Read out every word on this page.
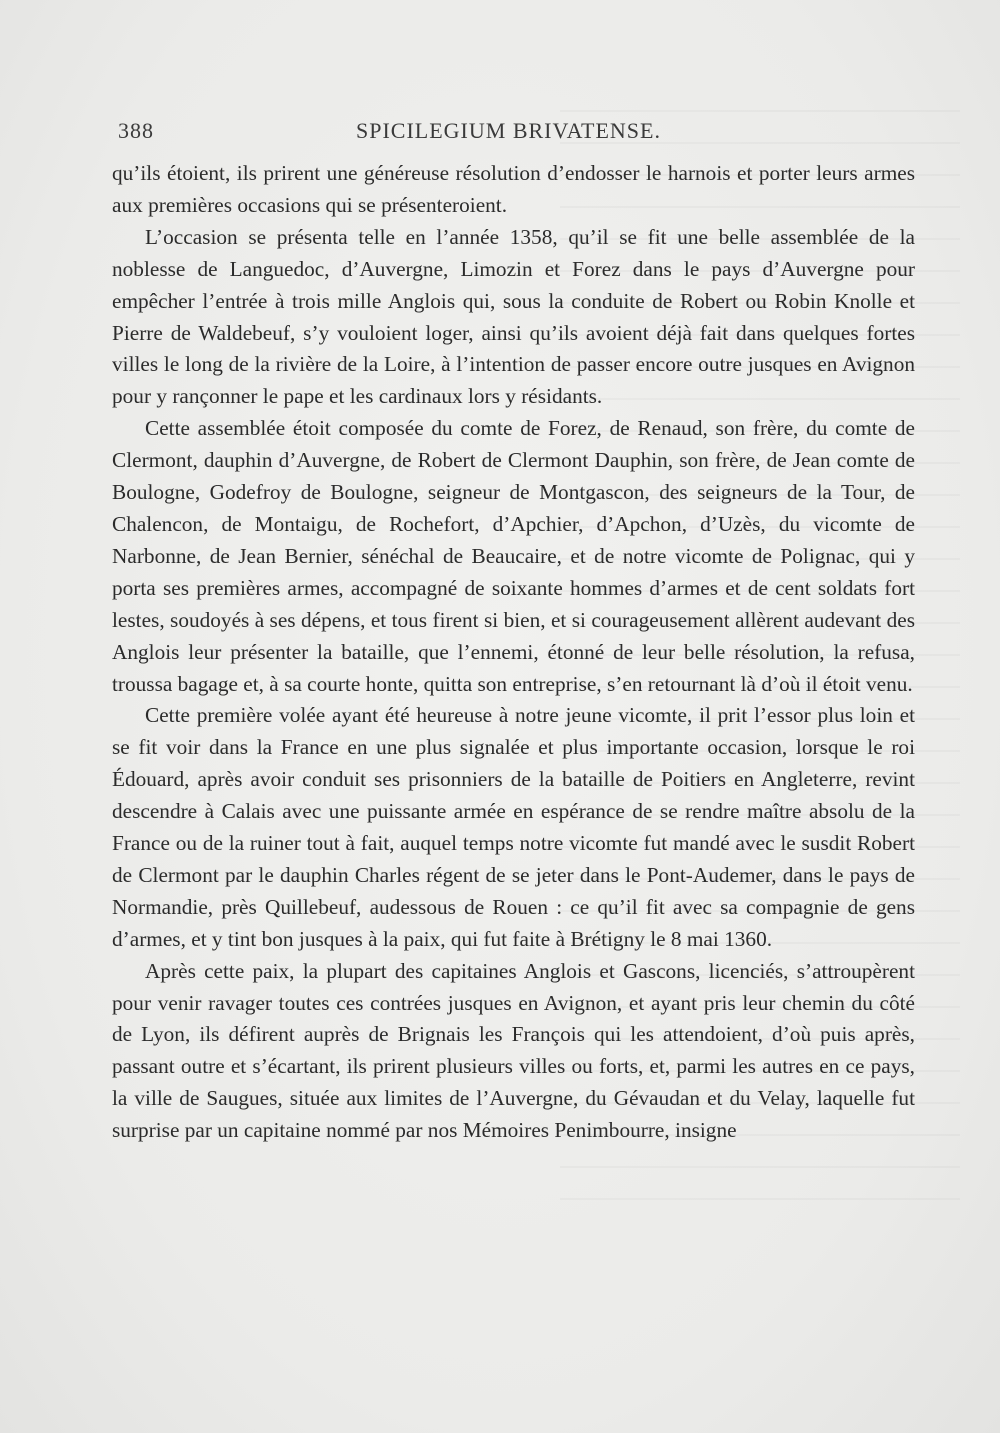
388	SPICILEGIUM BRIVATENSE.

qu’ils étoient, ils prirent une généreuse résolution d’endosser le harnois et porter leurs armes aux premières occasions qui se présenteroient.

L’occasion se présenta telle en l’année 1358, qu’il se fit une belle assemblée de la noblesse de Languedoc, d’Auvergne, Limozin et Forez dans le pays d’Auvergne pour empêcher l’entrée à trois mille Anglois qui, sous la conduite de Robert ou Robin Knolle et Pierre de Waldebeuf, s’y vouloient loger, ainsi qu’ils avoient déjà fait dans quelques fortes villes le long de la rivière de la Loire, à l’intention de passer encore outre jusques en Avignon pour y rançonner le pape et les cardinaux lors y résidants.

Cette assemblée étoit composée du comte de Forez, de Renaud, son frère, du comte de Clermont, dauphin d’Auvergne, de Robert de Clermont Dauphin, son frère, de Jean comte de Boulogne, Godefroy de Boulogne, seigneur de Montgascon, des seigneurs de la Tour, de Chalencon, de Montaigu, de Rochefort, d’Apchier, d’Apchon, d’Uzès, du vicomte de Narbonne, de Jean Bernier, sénéchal de Beaucaire, et de notre vicomte de Polignac, qui y porta ses premières armes, accompagné de soixante hommes d’armes et de cent soldats fort lestes, soudoyés à ses dépens, et tous firent si bien, et si courageusement allèrent audevant des Anglois leur présenter la bataille, que l’ennemi, étonné de leur belle résolution, la refusa, troussa bagage et, à sa courte honte, quitta son entreprise, s’en retournant là d’où il étoit venu.

Cette première volée ayant été heureuse à notre jeune vicomte, il prit l’essor plus loin et se fit voir dans la France en une plus signalée et plus importante occasion, lorsque le roi Édouard, après avoir conduit ses prisonniers de la bataille de Poitiers en Angleterre, revint descendre à Calais avec une puissante armée en espérance de se rendre maître absolu de la France ou de la ruiner tout à fait, auquel temps notre vicomte fut mandé avec le susdit Robert de Clermont par le dauphin Charles régent de se jeter dans le Pont-Audemer, dans le pays de Normandie, près Quillebeuf, audessous de Rouen : ce qu’il fit avec sa compagnie de gens d’armes, et y tint bon jusques à la paix, qui fut faite à Brétigny le 8 mai 1360.

Après cette paix, la plupart des capitaines Anglois et Gascons, licenciés, s’attroupèrent pour venir ravager toutes ces contrées jusques en Avignon, et ayant pris leur chemin du côté de Lyon, ils défirent auprès de Brignais les François qui les attendoient, d’où puis après, passant outre et s’écartant, ils prirent plusieurs villes ou forts, et, parmi les autres en ce pays, la ville de Saugues, située aux limites de l’Auvergne, du Gévaudan et du Velay, laquelle fut surprise par un capitaine nommé par nos Mémoires Penimbourre, insigne
